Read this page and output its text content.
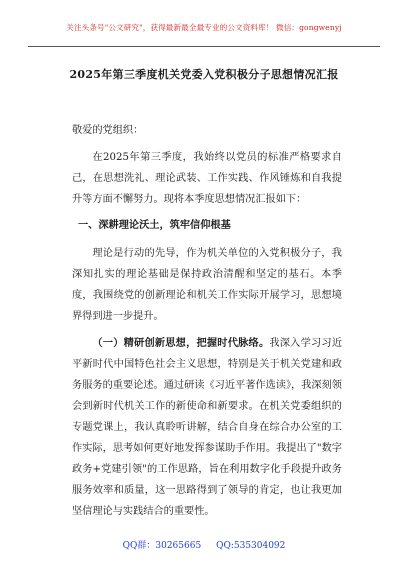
关注头条号"公文研究"，获得最新最全最专业的公文资料库！ 微信：gongwenyj
2025年第三季度机关党委入党积极分子思想情况汇报
敬爱的党组织：

在2025年第三季度，我始终以党员的标准严格要求自己，在思想洗礼、理论武装、工作实践、作风锤炼和自我提升等方面不懈努力。现将本季度思想情况汇报如下：

一、深耕理论沃土，筑牢信仰根基

理论是行动的先导，作为机关单位的入党积极分子，我深知扎实的理论基础是保持政治清醒和坚定的基石。本季度，我围绕党的创新理论和机关工作实际开展学习，思想境界得到进一步提升。

（一）精研创新思想，把握时代脉络。我深入学习习近平新时代中国特色社会主义思想，特别是关于机关党建和政务服务的重要论述。通过研读《习近平著作选读》，我深刻领会到新时代机关工作的新使命和新要求。在机关党委组织的专题党课上，我认真聆听讲解，结合自身在综合办公室的工作实际，思考如何更好地发挥参谋助手作用。我提出了"数字政务+党建引领"的工作思路，旨在利用数字化手段提升政务服务效率和质量，这一思路得到了领导的肯定，也让我更加坚信理论与实践结合的重要性。

QQ群：30265665 QQ:535304092
